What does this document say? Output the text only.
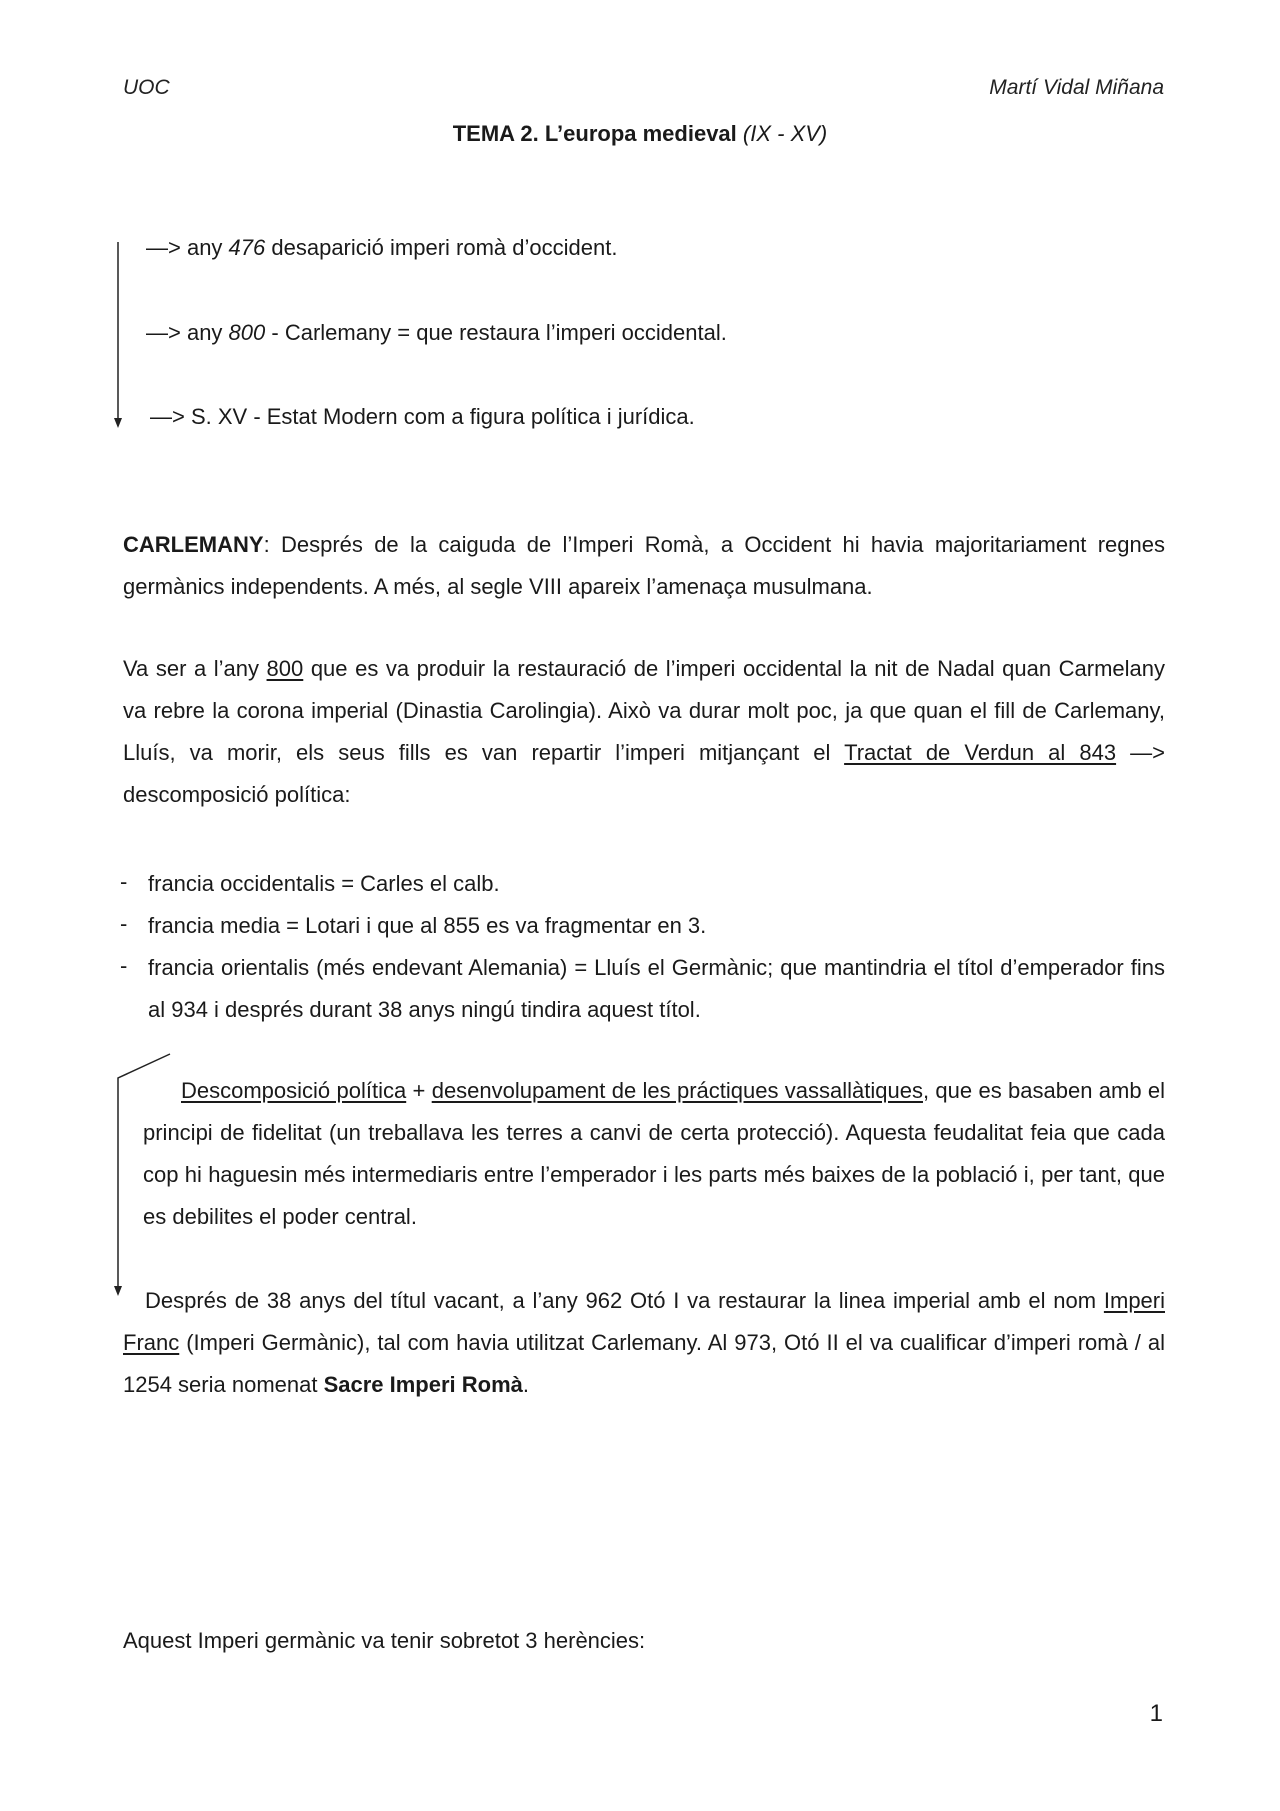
UOC	Martí Vidal Miñana
TEMA 2. L’europa medieval (IX - XV)
—> any 476 desaparició imperi romà d’occident.
—> any 800 - Carlemany = que restaura l’imperi occidental.
—> S. XV - Estat Modern com a figura política i jurídica.
CARLEMANY: Després de la caiguda de l’Imperi Romà, a Occident hi havia majoritariament regnes germànics independents. A més, al segle VIII apareix l’amenaça musulmana.
Va ser a l’any 800 que es va produir la restauració de l’imperi occidental la nit de Nadal quan Carmelany va rebre la corona imperial (Dinastia Carolingia). Això va durar molt poc, ja que quan el fill de Carlemany, Lluís, va morir, els seus fills es van repartir l’imperi mitjançant el Tractat de Verdun al 843 —> descomposició política:
- francia occidentalis = Carles el calb.
- francia media = Lotari i que al 855 es va fragmentar en 3.
- francia orientalis (més endevant Alemania) = Lluís el Germànic; que mantindria el títol d’emperador fins al 934 i després durant 38 anys ningú tindira aquest títol.
Descomposició política + desenvolupament de les práctiques vassallàtiques, que es basaben amb el principi de fidelitat (un treballava les terres a canvi de certa protecció). Aquesta feudalitat feia que cada cop hi haguesin més intermediaris entre l’emperador i les parts més baixes de la població i, per tant, que es debilites el poder central.
Després de 38 anys del títul vacant, a l’any 962 Otó I va restaurar la linea imperial amb el nom Imperi Franc (Imperi Germànic), tal com havia utilitzat Carlemany. Al 973, Otó II el va cualificar d’imperi romà / al 1254 seria nomenat Sacre Imperi Romà.
Aquest Imperi germànic va tenir sobretot 3 herències:
1
